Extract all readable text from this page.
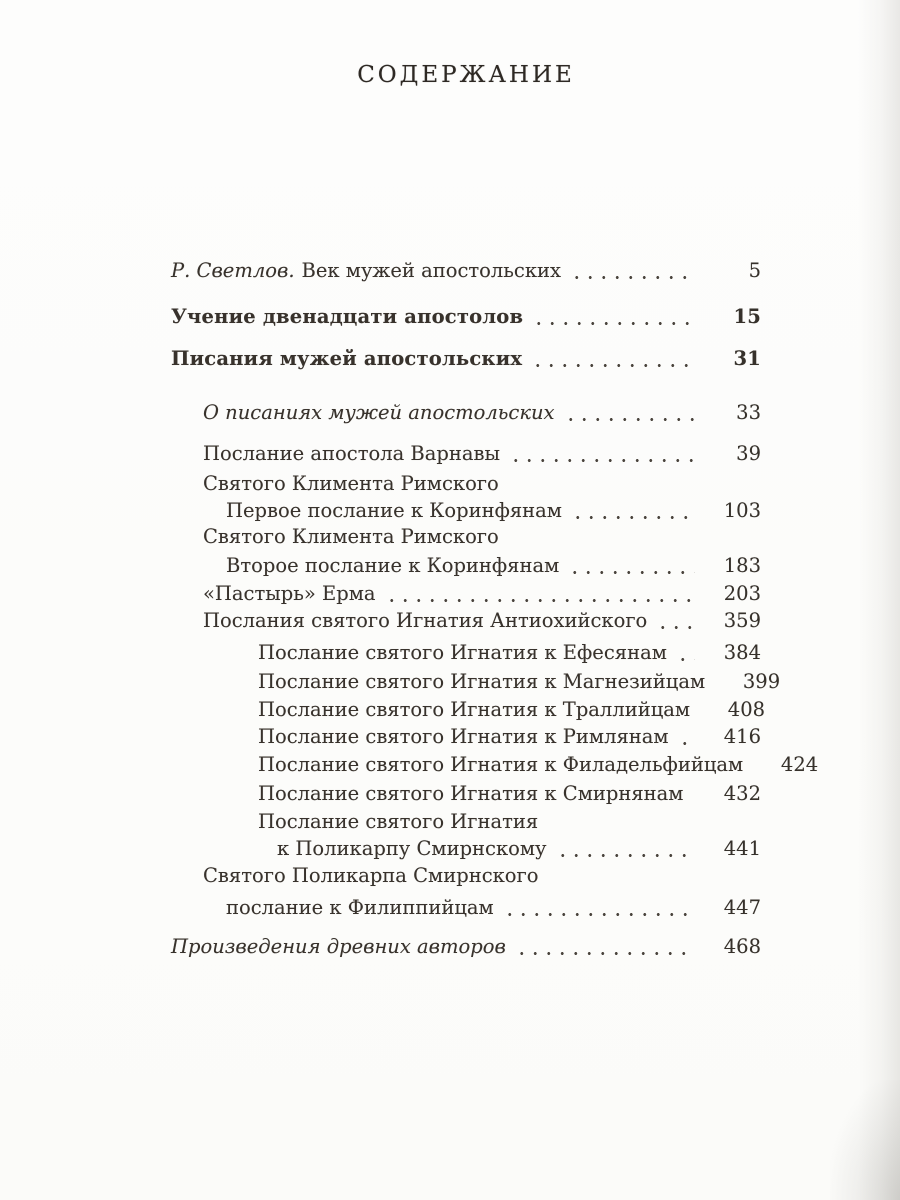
СОДЕРЖАНИЕ
Р. Светлов. Век мужей апостольских	5
Учение двенадцати апостолов	15
Писания мужей апостольских	31
О писаниях мужей апостольских	33
Послание апостола Варнавы	39
Святого Климента Римского
Первое послание к Коринфянам	103
Святого Климента Римского
Второе послание к Коринфянам	183
«Пастырь» Ерма	203
Послания святого Игнатия Антиохийского	359
Послание святого Игнатия к Ефесянам	384
Послание святого Игнатия к Магнезийцам	399
Послание святого Игнатия к Траллийцам	408
Послание святого Игнатия к Римлянам	416
Послание святого Игнатия к Филадельфийцам	424
Послание святого Игнатия к Смирнянам	432
Послание святого Игнатия
к Поликарпу Смирнскому	441
Святого Поликарпа Смирнского
послание к Филиппийцам	447
Произведения древних авторов	468
